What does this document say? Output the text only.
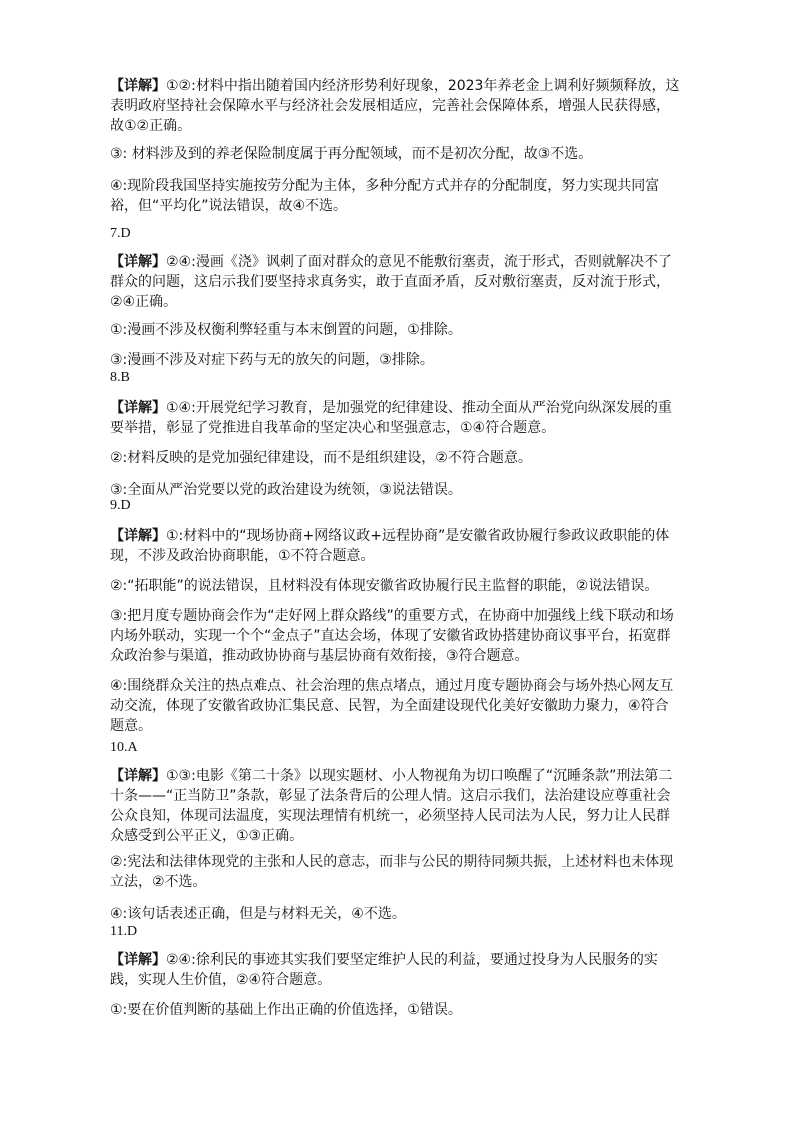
【详解】①②:材料中指出随着国内经济形势利好现象，2023年养老金上调利好频频释放，这表明政府坚持社会保障水平与经济社会发展相适应，完善社会保障体系，增强人民获得感，故①②正确。

③: 材料涉及到的养老保险制度属于再分配领域，而不是初次分配，故③不选。

④:现阶段我国坚持实施按劳分配为主体，多种分配方式并存的分配制度，努力实现共同富裕，但“平均化”说法错误，故④不选。

7.D

【详解】②④:漫画《浇》讽刺了面对群众的意见不能敷衍塞责，流于形式，否则就解决不了群众的问题，这启示我们要坚持求真务实，敢于直面矛盾，反对敷衍塞责，反对流于形式，②④正确。

①:漫画不涉及权衡利弊轻重与本末倒置的问题，①排除。

③:漫画不涉及对症下药与无的放矢的问题，③排除。

8.B

【详解】①④:开展党纪学习教育，是加强党的纪律建设、推动全面从严治党向纵深发展的重要举措，彰显了党推进自我革命的坚定决心和坚强意志，①④符合题意。

②:材料反映的是党加强纪律建设，而不是组织建设，②不符合题意。

③:全面从严治党要以党的政治建设为统领，③说法错误。

9.D

【详解】①:材料中的“现场协商+网络议政+远程协商”是安徽省政协履行参政议政职能的体现，不涉及政治协商职能，①不符合题意。

②:“拓职能”的说法错误，且材料没有体现安徽省政协履行民主监督的职能，②说法错误。

③:把月度专题协商会作为“走好网上群众路线”的重要方式，在协商中加强线上线下联动和场内场外联动，实现一个个“金点子”直达会场，体现了安徽省政协搭建协商议事平台，拓宽群众政治参与渠道，推动政协协商与基层协商有效衔接，③符合题意。

④:围绕群众关注的热点难点、社会治理的焦点堵点，通过月度专题协商会与场外热心网友互动交流，体现了安徽省政协汇集民意、民智，为全面建设现代化美好安徽助力聚力，④符合题意。

10.A

【详解】①③:电影《第二十条》以现实题材、小人物视角为切口唤醒了“沉睡条款”刑法第二十条——“正当防卫”条款，彰显了法条背后的公理人情。这启示我们，法治建设应尊重社会公众良知，体现司法温度，实现法理情有机统一，必须坚持人民司法为人民，努力让人民群众感受到公平正义，①③正确。

②:宪法和法律体现党的主张和人民的意志，而非与公民的期待同频共振，上述材料也未体现立法，②不选。

④:该句话表述正确，但是与材料无关，④不选。

11.D

【详解】②④:徐利民的事迹其实我们要坚定维护人民的利益，要通过投身为人民服务的实践，实现人生价值，②④符合题意。

①:要在价值判断的基础上作出正确的价值选择，①错误。
